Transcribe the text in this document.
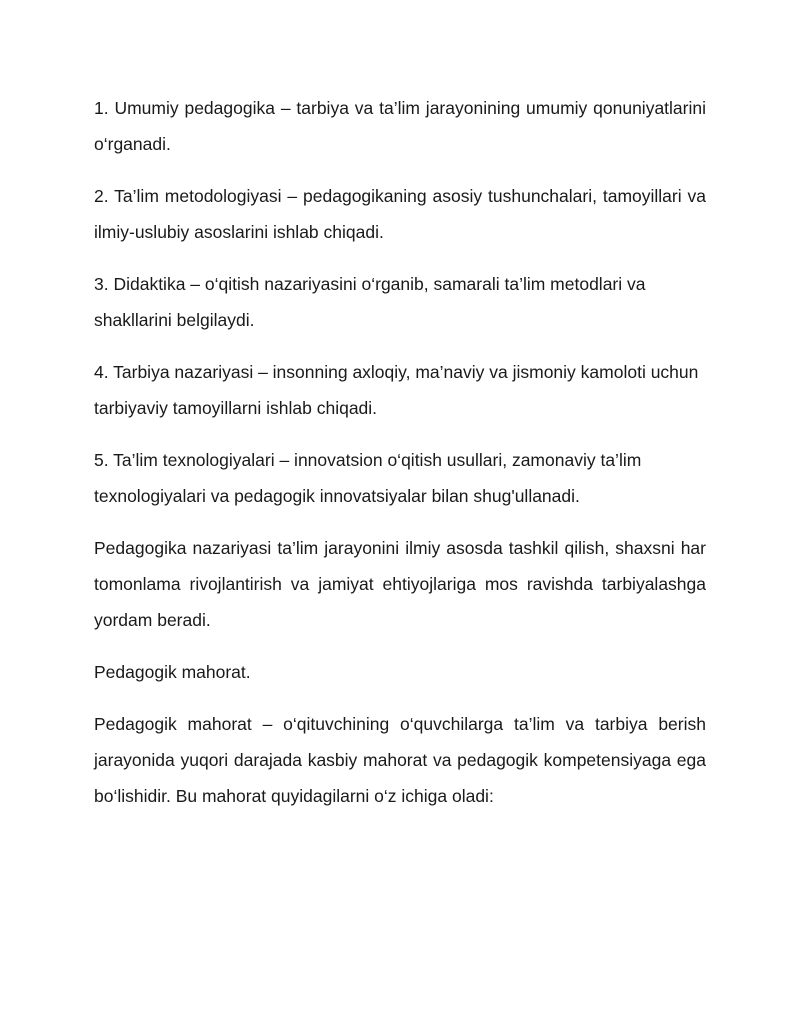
1. Umumiy pedagogika – tarbiya va ta’lim jarayonining umumiy qonuniyatlarini o‘rganadi.

2. Ta’lim metodologiyasi – pedagogikaning asosiy tushunchalari, tamoyillari va ilmiy-uslubiy asoslarini ishlab chiqadi.

3. Didaktika – o‘qitish nazariyasini o‘rganib, samarali ta’lim metodlari va shakllarini belgilaydi.

4. Tarbiya nazariyasi – insonning axloqiy, ma’naviy va jismoniy kamoloti uchun tarbiyaviy tamoyillarni ishlab chiqadi.

5. Ta’lim texnologiyalari – innovatsion o‘qitish usullari, zamonaviy ta’lim texnologiyalari va pedagogik innovatsiyalar bilan shug'ullanadi.

Pedagogika nazariyasi ta’lim jarayonini ilmiy asosda tashkil qilish, shaxsni har tomonlama rivojlantirish va jamiyat ehtiyojlariga mos ravishda tarbiyalashga yordam beradi.

Pedagogik mahorat.

Pedagogik mahorat – o‘qituvchining o‘quvchilarga ta’lim va tarbiya berish jarayonida yuqori darajada kasbiy mahorat va pedagogik kompetensiyaga ega bo‘lishidir. Bu mahorat quyidagilarni o‘z ichiga oladi:
